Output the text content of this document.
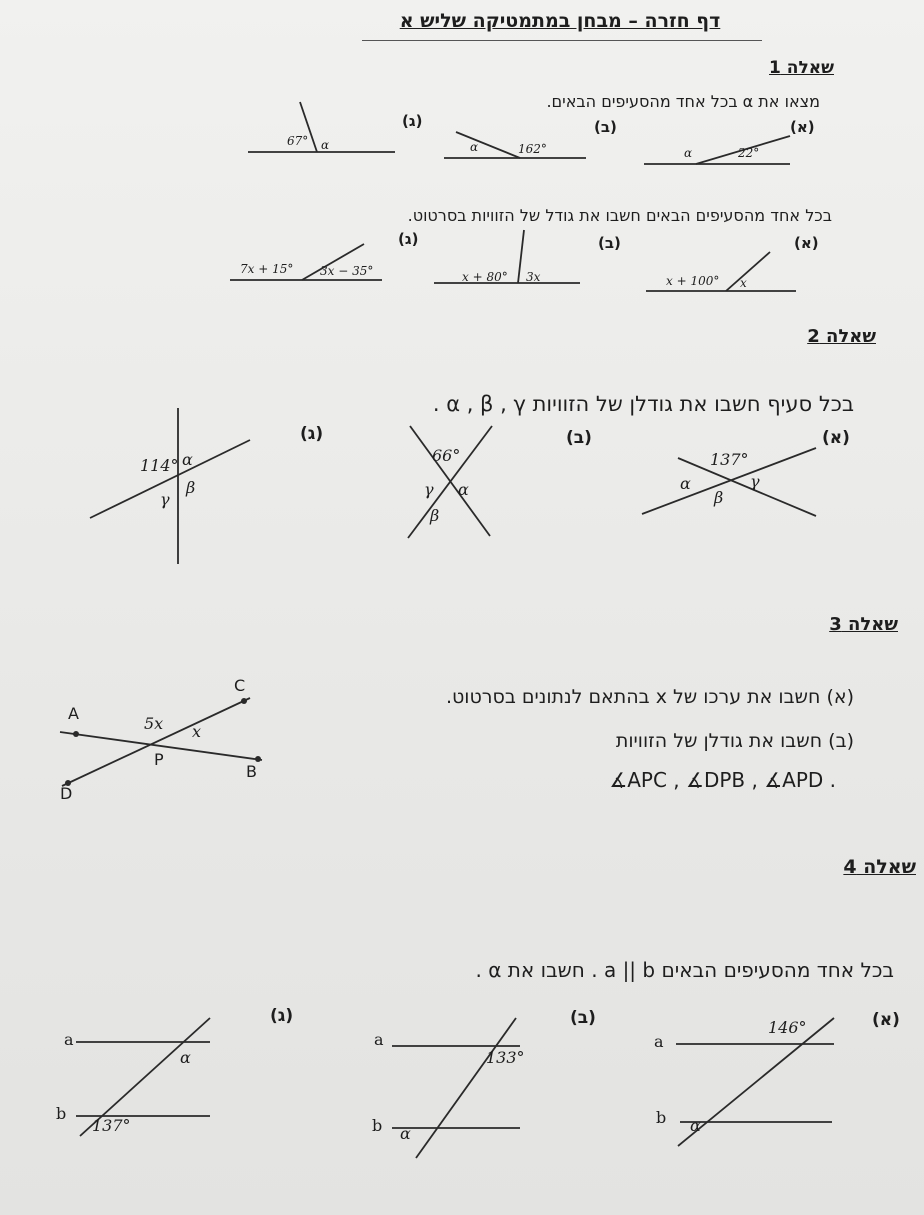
דף חזרה – מבחן במתמטיקה שליש א
שאלה 1
מצאו את α בכל אחד מהסעיפים הבאים.
(א)
(ב)
(ג)
α	22°
α	162°
67° α
בכל אחד מהסעיפים הבאים חשבו את גודל של הזוויות בסרטוט.
(א)
(ב)
(ג)
x + 100° x
x + 80° 3x
7x + 15° 3x − 35°
שאלה 2
בכל סעיף חשבו את גודלן של הזוויות α , β , γ .
(א)
(ב)
(ג)
137°
α	γ
β
66°
γ α
β
114° α
β
γ
שאלה 3
A
C
B
D
P
5x x
(א) חשבו את ערכו של x בהתאם לנתונים בסרטוט.
(ב) חשבו את גודלן של הזוויות
∡APC , ∡DPB , ∡APD .
שאלה 4
בכל אחד מהסעיפים הבאים a || b . חשבו את α .
(א)
(ב)
(ג)
a
b
146°
α
a
b
133°
α
a
b
α
137°
